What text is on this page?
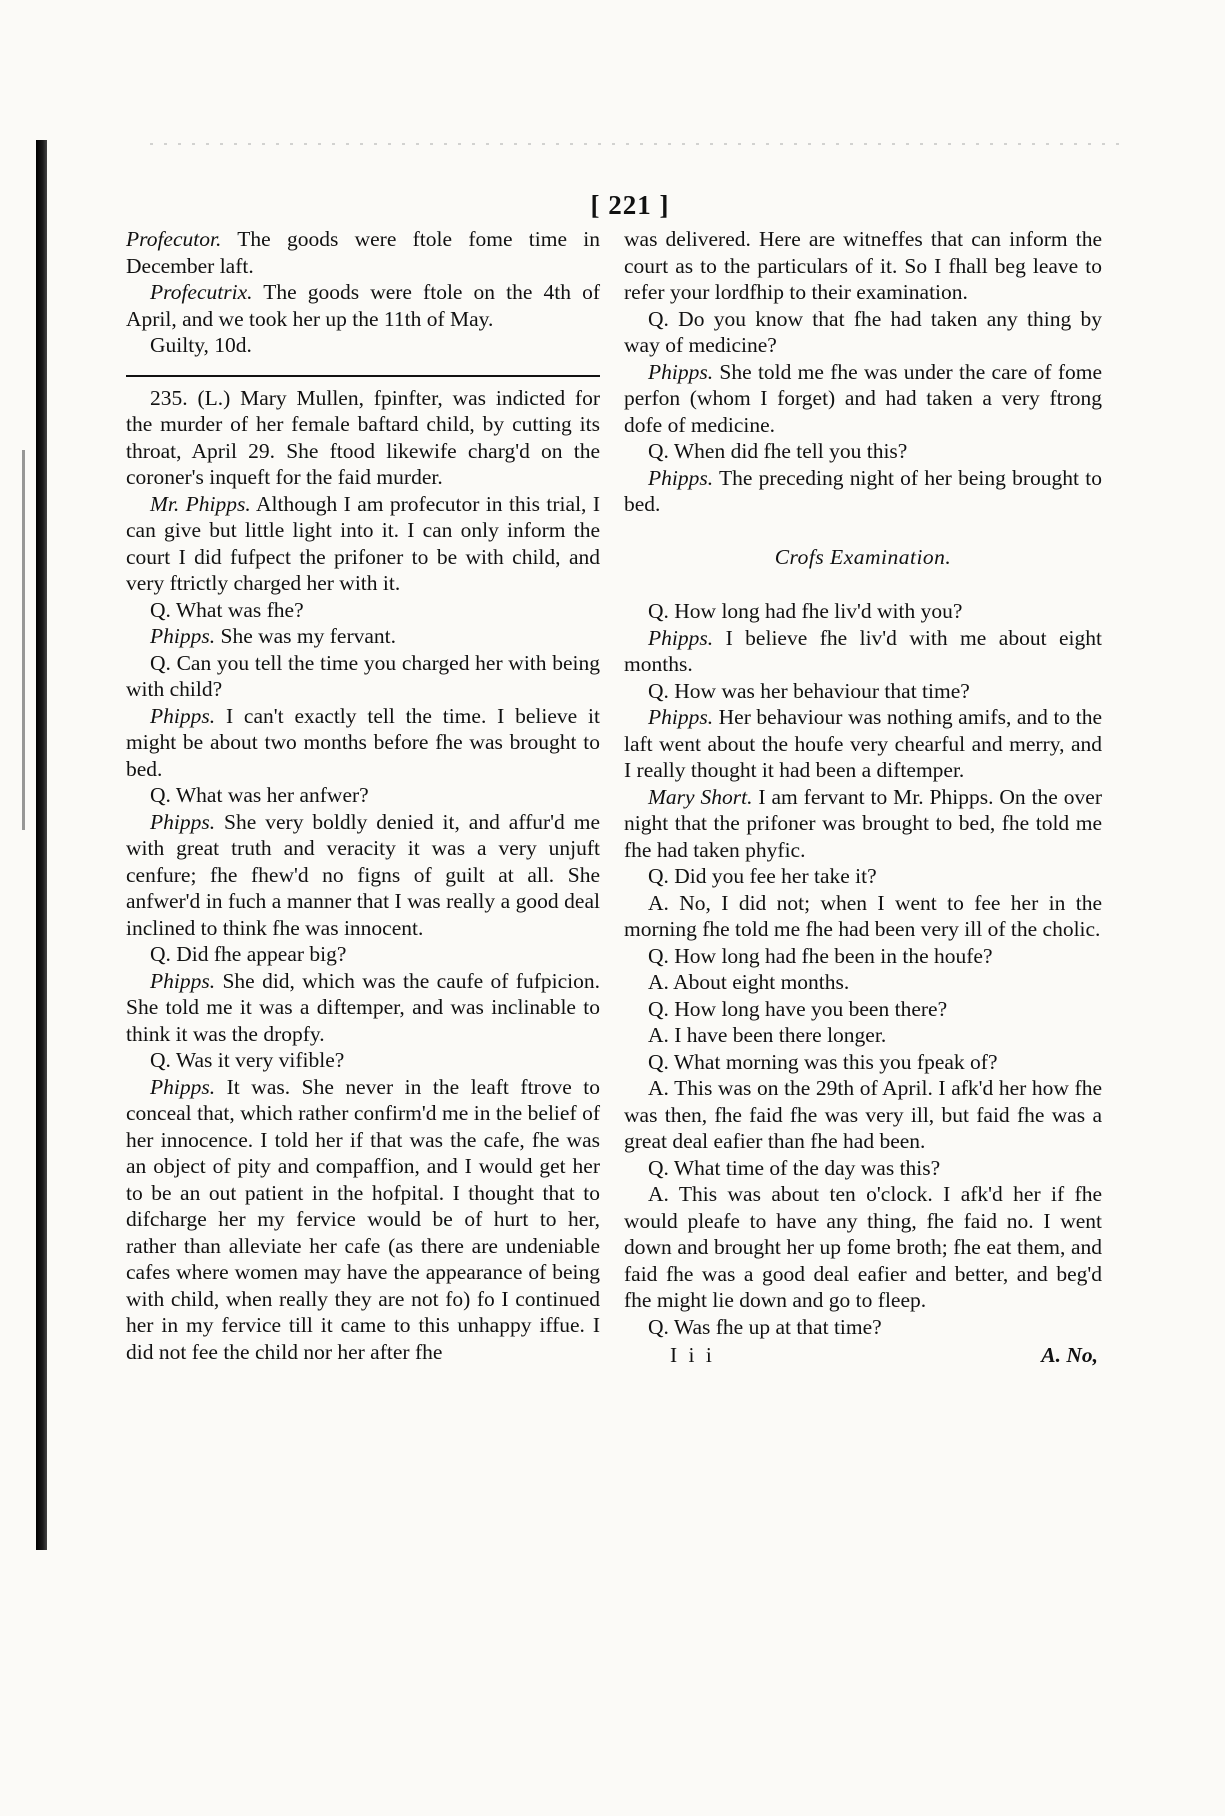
[ 221 ]

Profecutor. The goods were ftole fome time in December laft.

Profecutrix. The goods were ftole on the 4th of April, and we took her up the 11th of May.

Guilty, 10d.

235. (L.) Mary Mullen, fpinfter, was indicted for the murder of her female baftard child, by cutting its throat, April 29. She ftood likewife charg'd on the coroner's inqueft for the faid murder.

Mr. Phipps. Although I am profecutor in this trial, I can give but little light into it. I can only inform the court I did fufpect the prifoner to be with child, and very ftrictly charged her with it.

Q. What was fhe?

Phipps. She was my fervant.

Q. Can you tell the time you charged her with being with child?

Phipps. I can't exactly tell the time. I believe it might be about two months before fhe was brought to bed.

Q. What was her anfwer?

Phipps. She very boldly denied it, and affur'd me with great truth and veracity it was a very unjuft cenfure; fhe fhew'd no figns of guilt at all. She anfwer'd in fuch a manner that I was really a good deal inclined to think fhe was innocent.

Q. Did fhe appear big?

Phipps. She did, which was the caufe of fufpicion. She told me it was a diftemper, and was inclinable to think it was the dropfy.

Q. Was it very vifible?

Phipps. It was. She never in the leaft ftrove to conceal that, which rather confirm'd me in the belief of her innocence. I told her if that was the cafe, fhe was an object of pity and compaffion, and I would get her to be an out patient in the hofpital. I thought that to difcharge her my fervice would be of hurt to her, rather than alleviate her cafe (as there are undeniable cafes where women may have the appearance of being with child, when really they are not fo) fo I continued her in my fervice till it came to this unhappy iffue. I did not fee the child nor her after fhe

was delivered. Here are witneffes that can inform the court as to the particulars of it. So I fhall beg leave to refer your lordfhip to their examination.

Q. Do you know that fhe had taken any thing by way of medicine?

Phipps. She told me fhe was under the care of fome perfon (whom I forget) and had taken a very ftrong dofe of medicine.

Q. When did fhe tell you this?

Phipps. The preceding night of her being brought to bed.

Crofs Examination.

Q. How long had fhe liv'd with you?

Phipps. I believe fhe liv'd with me about eight months.

Q. How was her behaviour that time?

Phipps. Her behaviour was nothing amifs, and to the laft went about the houfe very chearful and merry, and I really thought it had been a diftemper.

Mary Short. I am fervant to Mr. Phipps. On the over night that the prifoner was brought to bed, fhe told me fhe had taken phyfic.

Q. Did you fee her take it?

A. No, I did not; when I went to fee her in the morning fhe told me fhe had been very ill of the cholic.

Q. How long had fhe been in the houfe?

A. About eight months.

Q. How long have you been there?

A. I have been there longer.

Q. What morning was this you fpeak of?

A. This was on the 29th of April. I afk'd her how fhe was then, fhe faid fhe was very ill, but faid fhe was a great deal eafier than fhe had been.

Q. What time of the day was this?

A. This was about ten o'clock. I afk'd her if fhe would pleafe to have any thing, fhe faid no. I went down and brought her up fome broth; fhe eat them, and faid fhe was a good deal eafier and better, and beg'd fhe might lie down and go to fleep.

Q. Was fhe up at that time?

I i i	A. No,
